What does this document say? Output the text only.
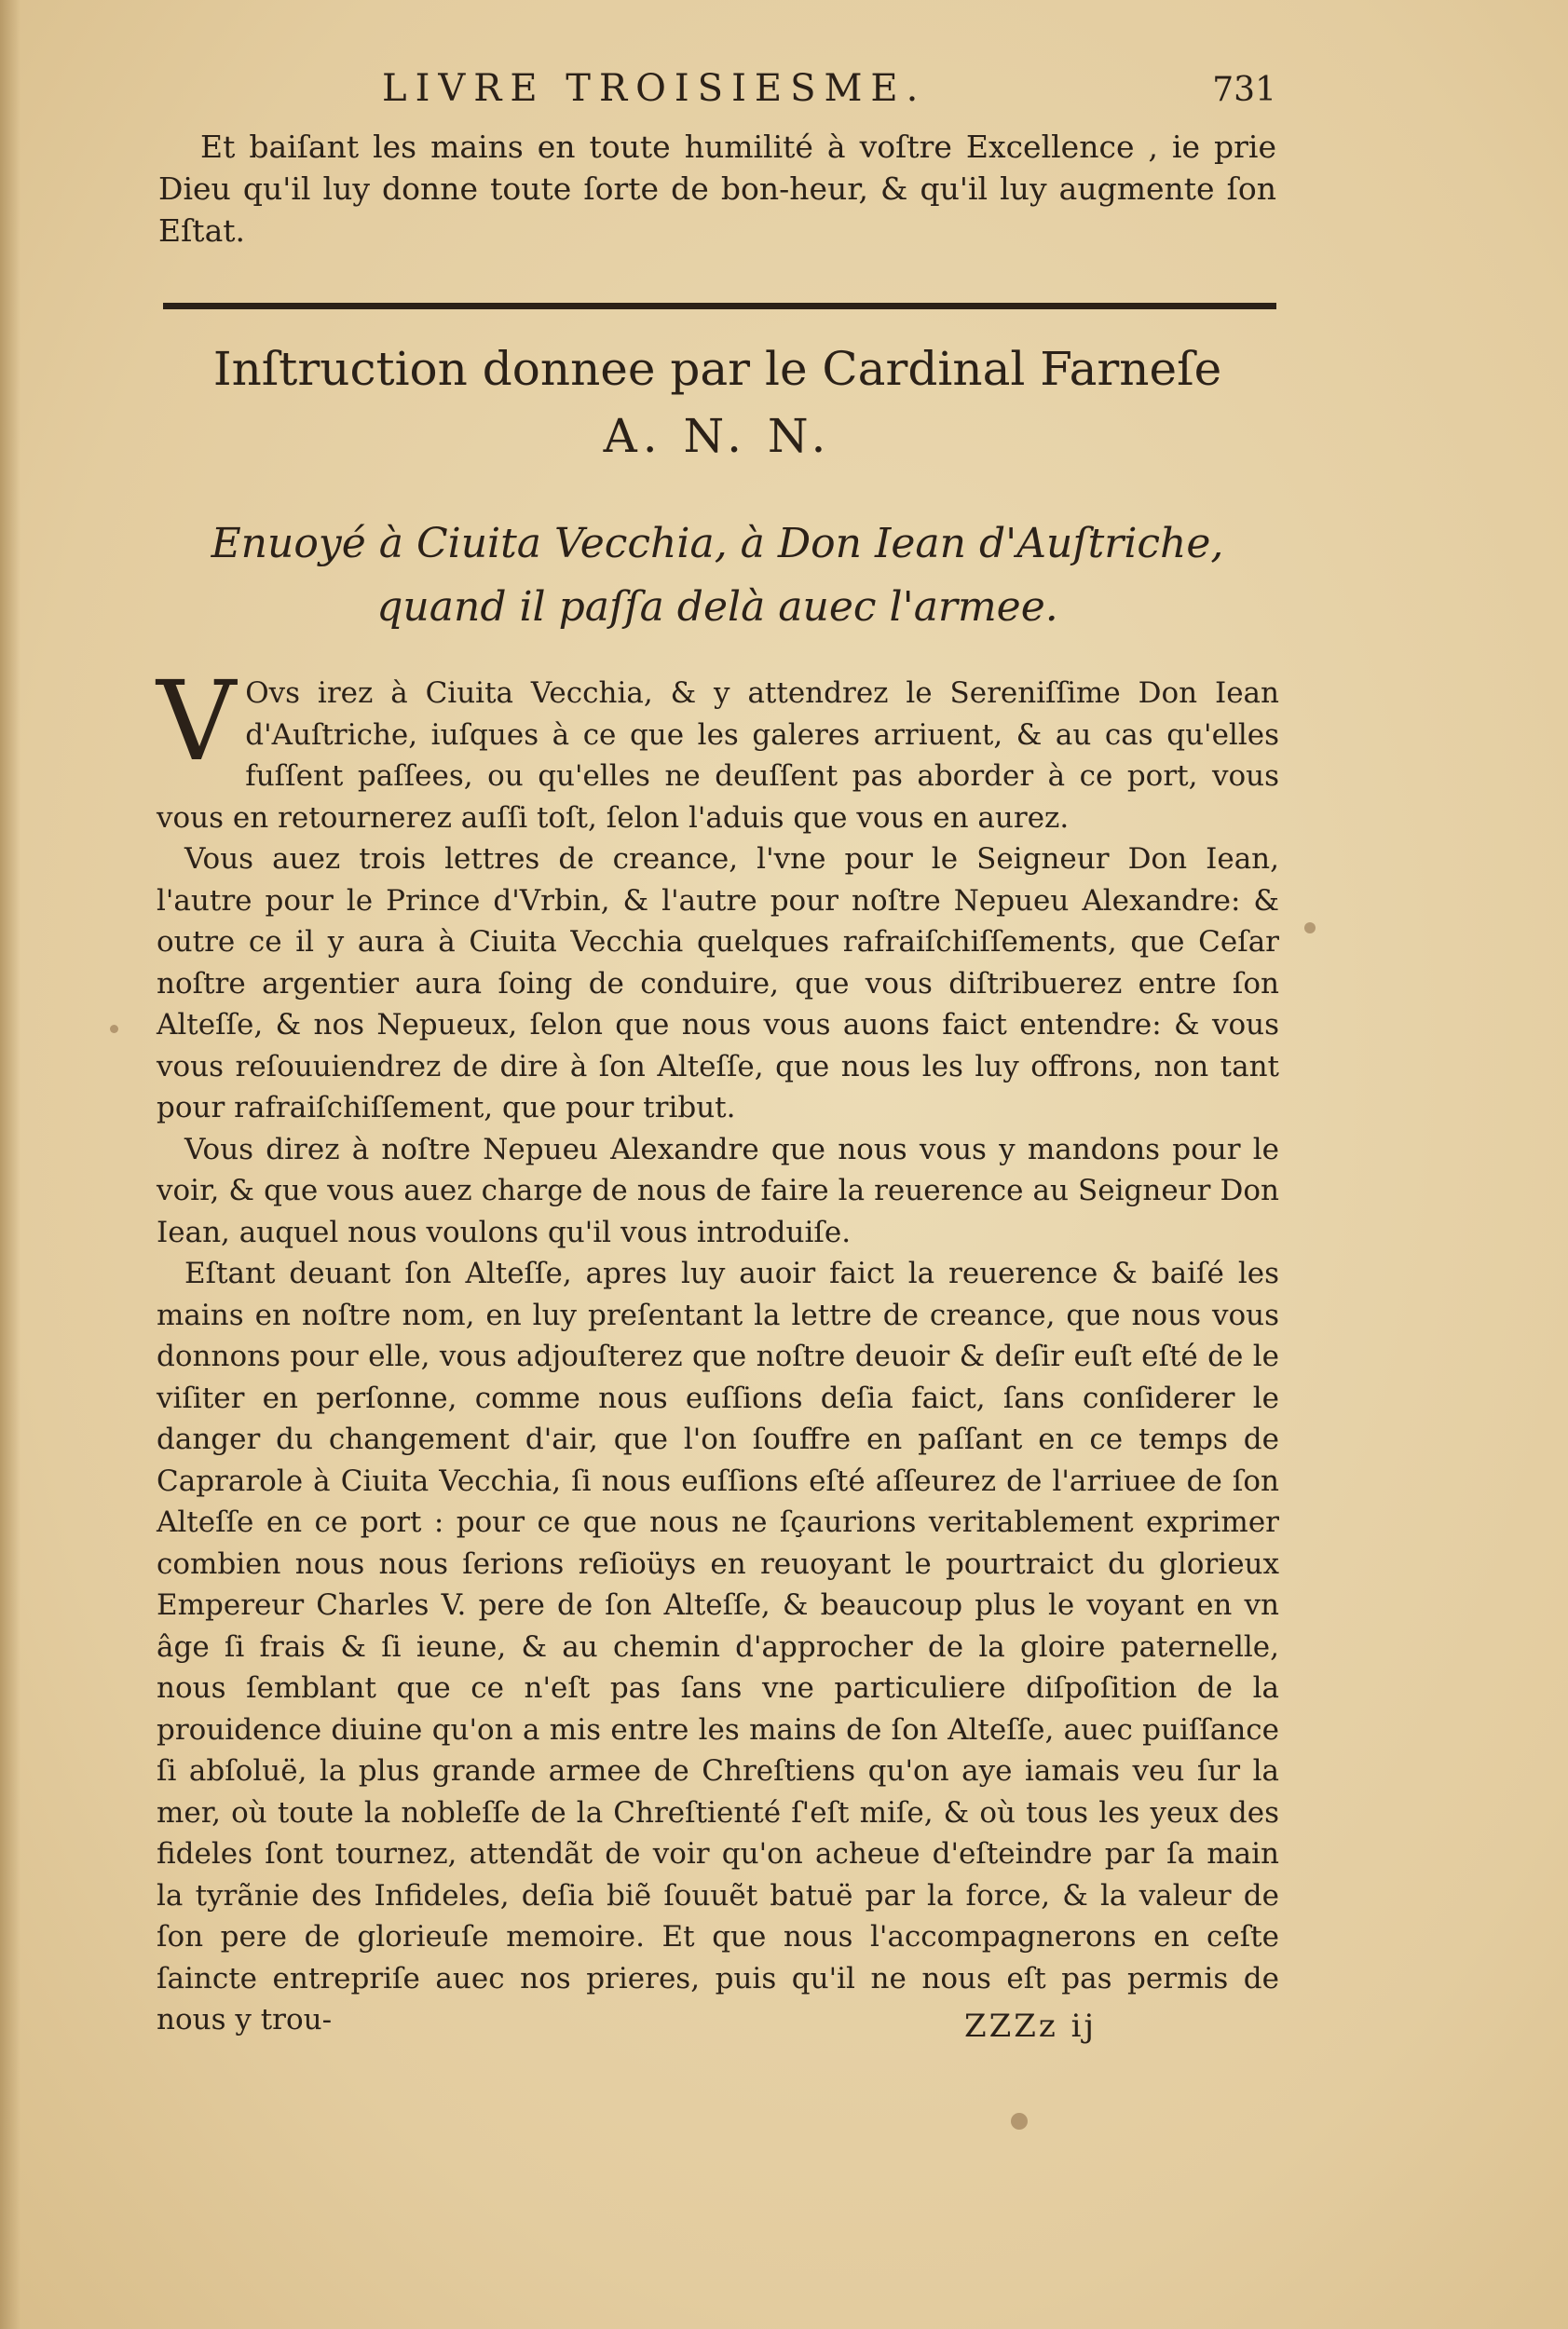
LIVRE TROISIESME.	731

Et baiſant les mains en toute humilité à voſtre Excellence , ie prie Dieu qu'il luy donne toute ſorte de bon-heur, & qu'il luy augmente ſon Eſtat.

Inſtruction donnee par le Cardinal Farneſe
A. N. N.
Enuoyé à Ciuita Vecchia, à Don Iean d'Auſtriche,
quand il paſſa delà auec l'armee.

V Ovs irez à Ciuita Vecchia, & y attendrez le Sereniſſime Don Iean d'Auſtriche, iuſques à ce que les galeres arriuent, & au cas qu'elles fuſſent paſſees, ou qu'elles ne deuſſent pas aborder à ce port, vous vous en retournerez auſſi toſt, ſelon l'aduis que vous en aurez.

Vous auez trois lettres de creance, l'vne pour le Seigneur Don Iean, l'autre pour le Prince d'Vrbin, & l'autre pour noſtre Nepueu Alexandre: & outre ce il y aura à Ciuita Vecchia quelques rafraiſchiſſements, que Ceſar noſtre argentier aura ſoing de conduire, que vous diſtribuerez entre ſon Alteſſe, & nos Nepueux, ſelon que nous vous auons faict entendre: & vous vous reſouuiendrez de dire à ſon Alteſſe, que nous les luy offrons, non tant pour rafraiſchiſſement, que pour tribut.

Vous direz à noſtre Nepueu Alexandre que nous vous y mandons pour le voir, & que vous auez charge de nous de faire la reuerence au Seigneur Don Iean, auquel nous voulons qu'il vous introduiſe.

Eſtant deuant ſon Alteſſe, apres luy auoir faict la reuerence & baiſé les mains en noſtre nom, en luy preſentant la lettre de creance, que nous vous donnons pour elle, vous adjouſterez que noſtre deuoir & deſir euſt eſté de le viſiter en perſonne, comme nous euſſions deſia faict, ſans conſiderer le danger du changement d'air, que l'on ſouffre en paſſant en ce temps de Caprarole à Ciuita Vecchia, ſi nous euſſions eſté aſſeurez de l'arriuee de ſon Alteſſe en ce port : pour ce que nous ne ſçaurions veritablement exprimer combien nous nous ſerions reſioüys en reuoyant le pourtraict du glorieux Empereur Charles V. pere de ſon Alteſſe, & beaucoup plus le voyant en vn âge ſi frais & ſi ieune, & au chemin d'approcher de la gloire paternelle, nous ſemblant que ce n'eſt pas ſans vne particuliere diſpoſition de la prouidence diuine qu'on a mis entre les mains de ſon Alteſſe, auec puiſſance ſi abſoluë, la plus grande armee de Chreſtiens qu'on aye iamais veu ſur la mer, où toute la nobleſſe de la Chreſtienté ſ'eſt miſe, & où tous les yeux des fideles ſont tournez, attendãt de voir qu'on acheue d'eſteindre par ſa main la tyrãnie des Infideles, deſia biẽ ſouuẽt batuë par la force, & la valeur de ſon pere de glorieuſe memoire. Et que nous l'accompagnerons en ceſte ſaincte entrepriſe auec nos prieres, puis qu'il ne nous eſt pas permis de nous y trou-	ZZZz ij
